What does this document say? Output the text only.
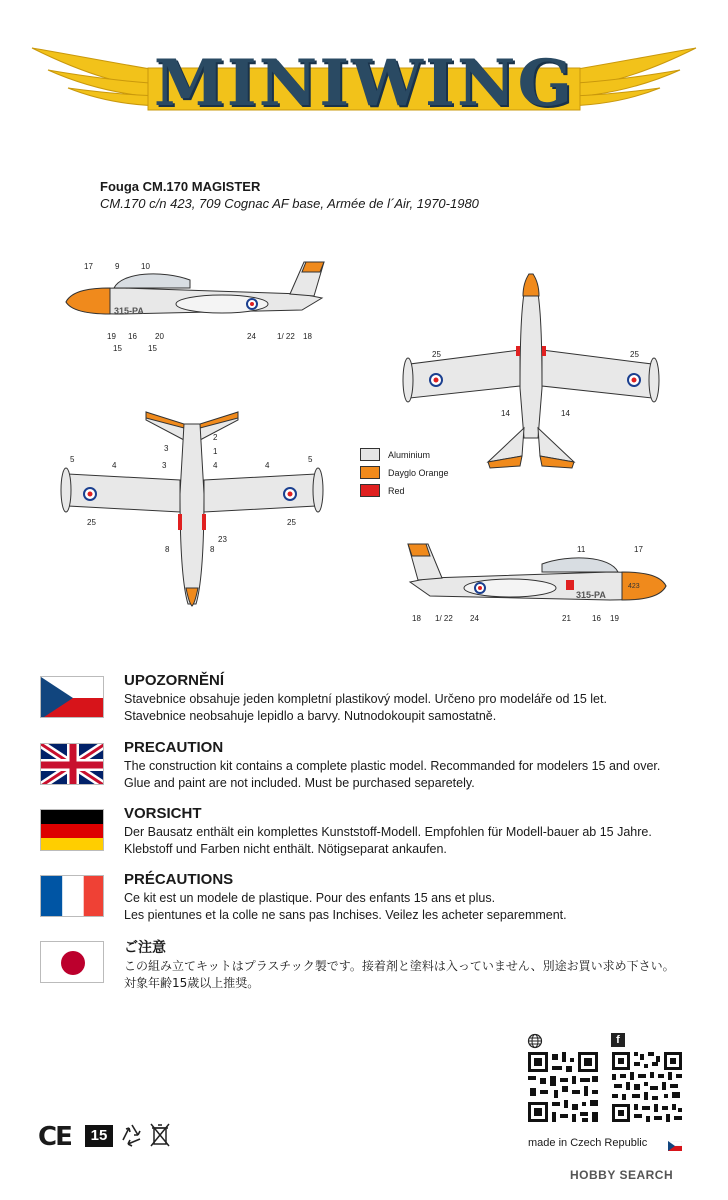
MINIWING
Fouga CM.170 MAGISTER
CM.170 c/n 423, 709 Cognac AF base, Armée de l´Air, 1970-1980
315-PA
17	9	10
19
15
16 20
15
24	1/ 22 18
25	25
14	14
5
4
3
2
4
5
3	4
1
25	25
23
8	8
Aluminium
Dayglo Orange
Red
315-PA
423
11	17
18 1/ 22 24	21	16 19
UPOZORNĚNÍ
Stavebnice obsahuje jeden kompletní plastikový model. Určeno pro modeláře od 15 let.
Stavebnice neobsahuje lepidlo a barvy. Nutnodokoupit samostatně.
PRECAUTION
The construction kit contains a complete plastic model. Recommanded for modelers 15 and over.
Glue and paint are not included. Must be purchased separetely.
VORSICHT
Der Bausatz enthält ein komplettes Kunststoff-Modell. Empfohlen für Modell-bauer ab 15 Jahre.
Klebstoff und Farben nicht enthält. Nötigseparat ankaufen.
PRÉCAUTIONS
Ce kit est un modele de plastique. Pour des enfants 15 ans et plus.
Les pientunes et la colle ne sans pas Inchises. Veilez les acheter separemment.
ご注意
この組み立てキットはプラスチック製です。接着剤と塗料は入っていません、別途お買い求め下さい。
対象年齢15歳以上推奨。
f
CE	15	made in Czech Republic
HOBBY SEARCH
